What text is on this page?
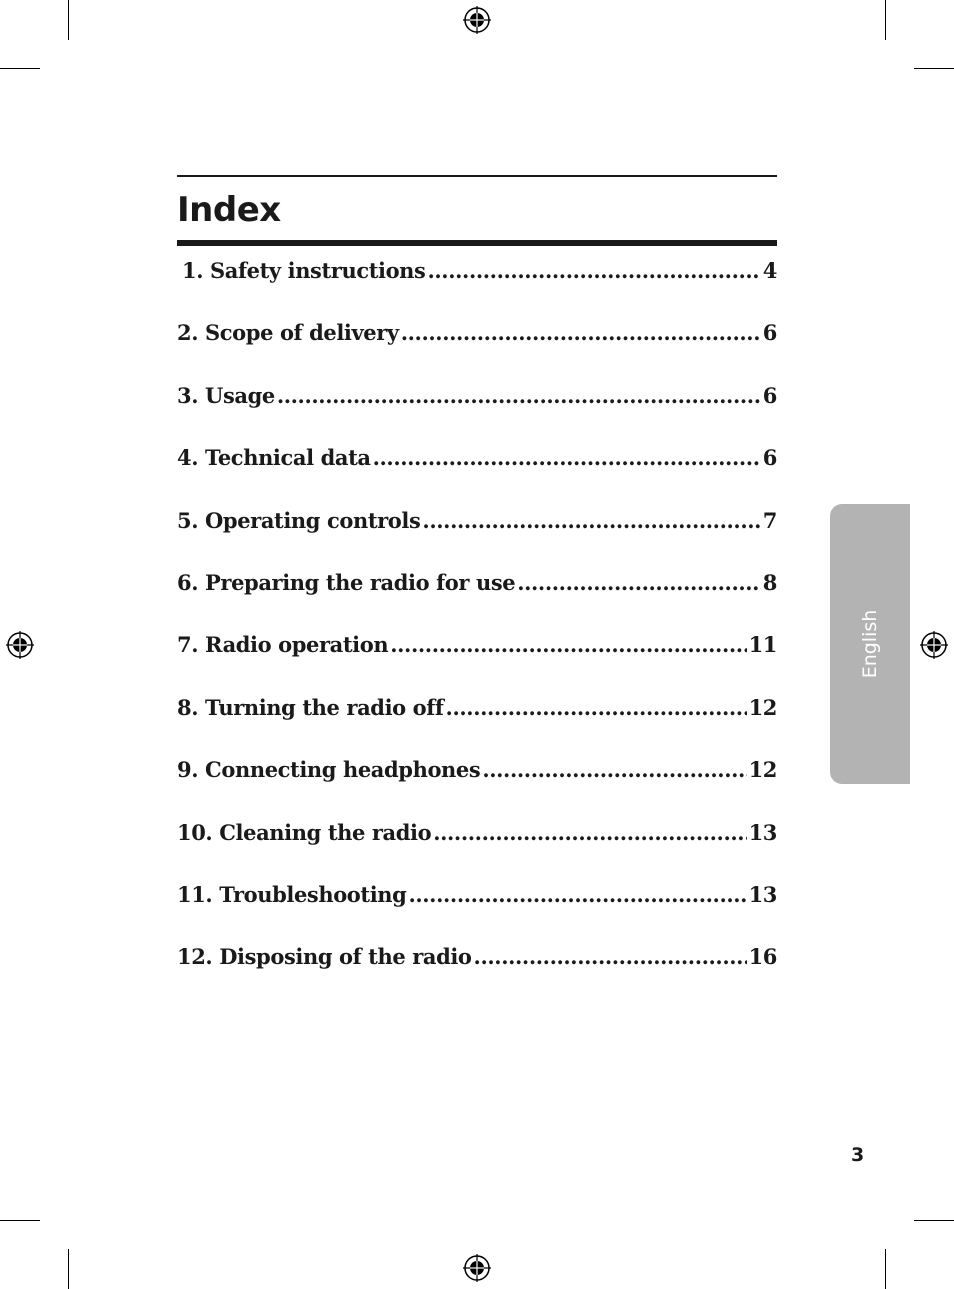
Index
1. Safety instructions .....	4
2. Scope of delivery .....	6
3. Usage .....	6
4. Technical data .....	6
5. Operating controls .....	7
6. Preparing the radio for use .....	8
7. Radio operation .....	11
8. Turning the radio off .....	12
9. Connecting headphones .....	12
10. Cleaning the radio .....	13
11. Troubleshooting .....	13
12. Disposing of the radio .....	16
English
3
